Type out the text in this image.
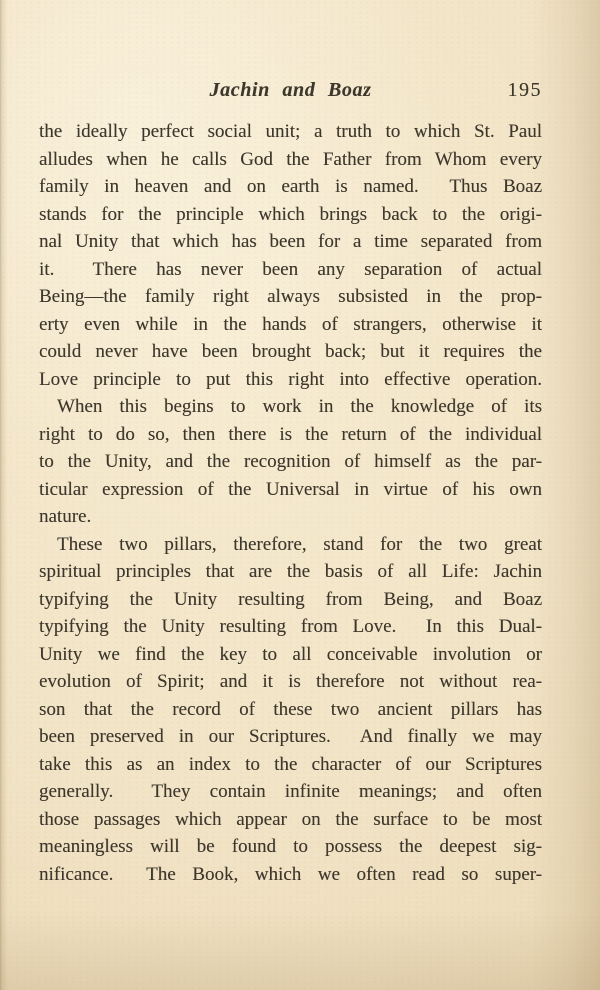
Jachin and Boaz	195
the ideally perfect social unit; a truth to which St. Paul
alludes when he calls God the Father from Whom every
family in heaven and on earth is named.  Thus Boaz
stands for the principle which brings back to the origi-
nal Unity that which has been for a time separated from
it.  There has never been any separation of actual
Being—the family right always subsisted in the prop-
erty even while in the hands of strangers, otherwise it
could never have been brought back; but it requires the
Love principle to put this right into effective operation.
When this begins to work in the knowledge of its
right to do so, then there is the return of the individual
to the Unity, and the recognition of himself as the par-
ticular expression of the Universal in virtue of his own
nature.
These two pillars, therefore, stand for the two great
spiritual principles that are the basis of all Life: Jachin
typifying the Unity resulting from Being, and Boaz
typifying the Unity resulting from Love.  In this Dual-
Unity we find the key to all conceivable involution or
evolution of Spirit; and it is therefore not without rea-
son that the record of these two ancient pillars has
been preserved in our Scriptures.  And finally we may
take this as an index to the character of our Scriptures
generally.  They contain infinite meanings; and often
those passages which appear on the surface to be most
meaningless will be found to possess the deepest sig-
nificance.  The Book, which we often read so super-
